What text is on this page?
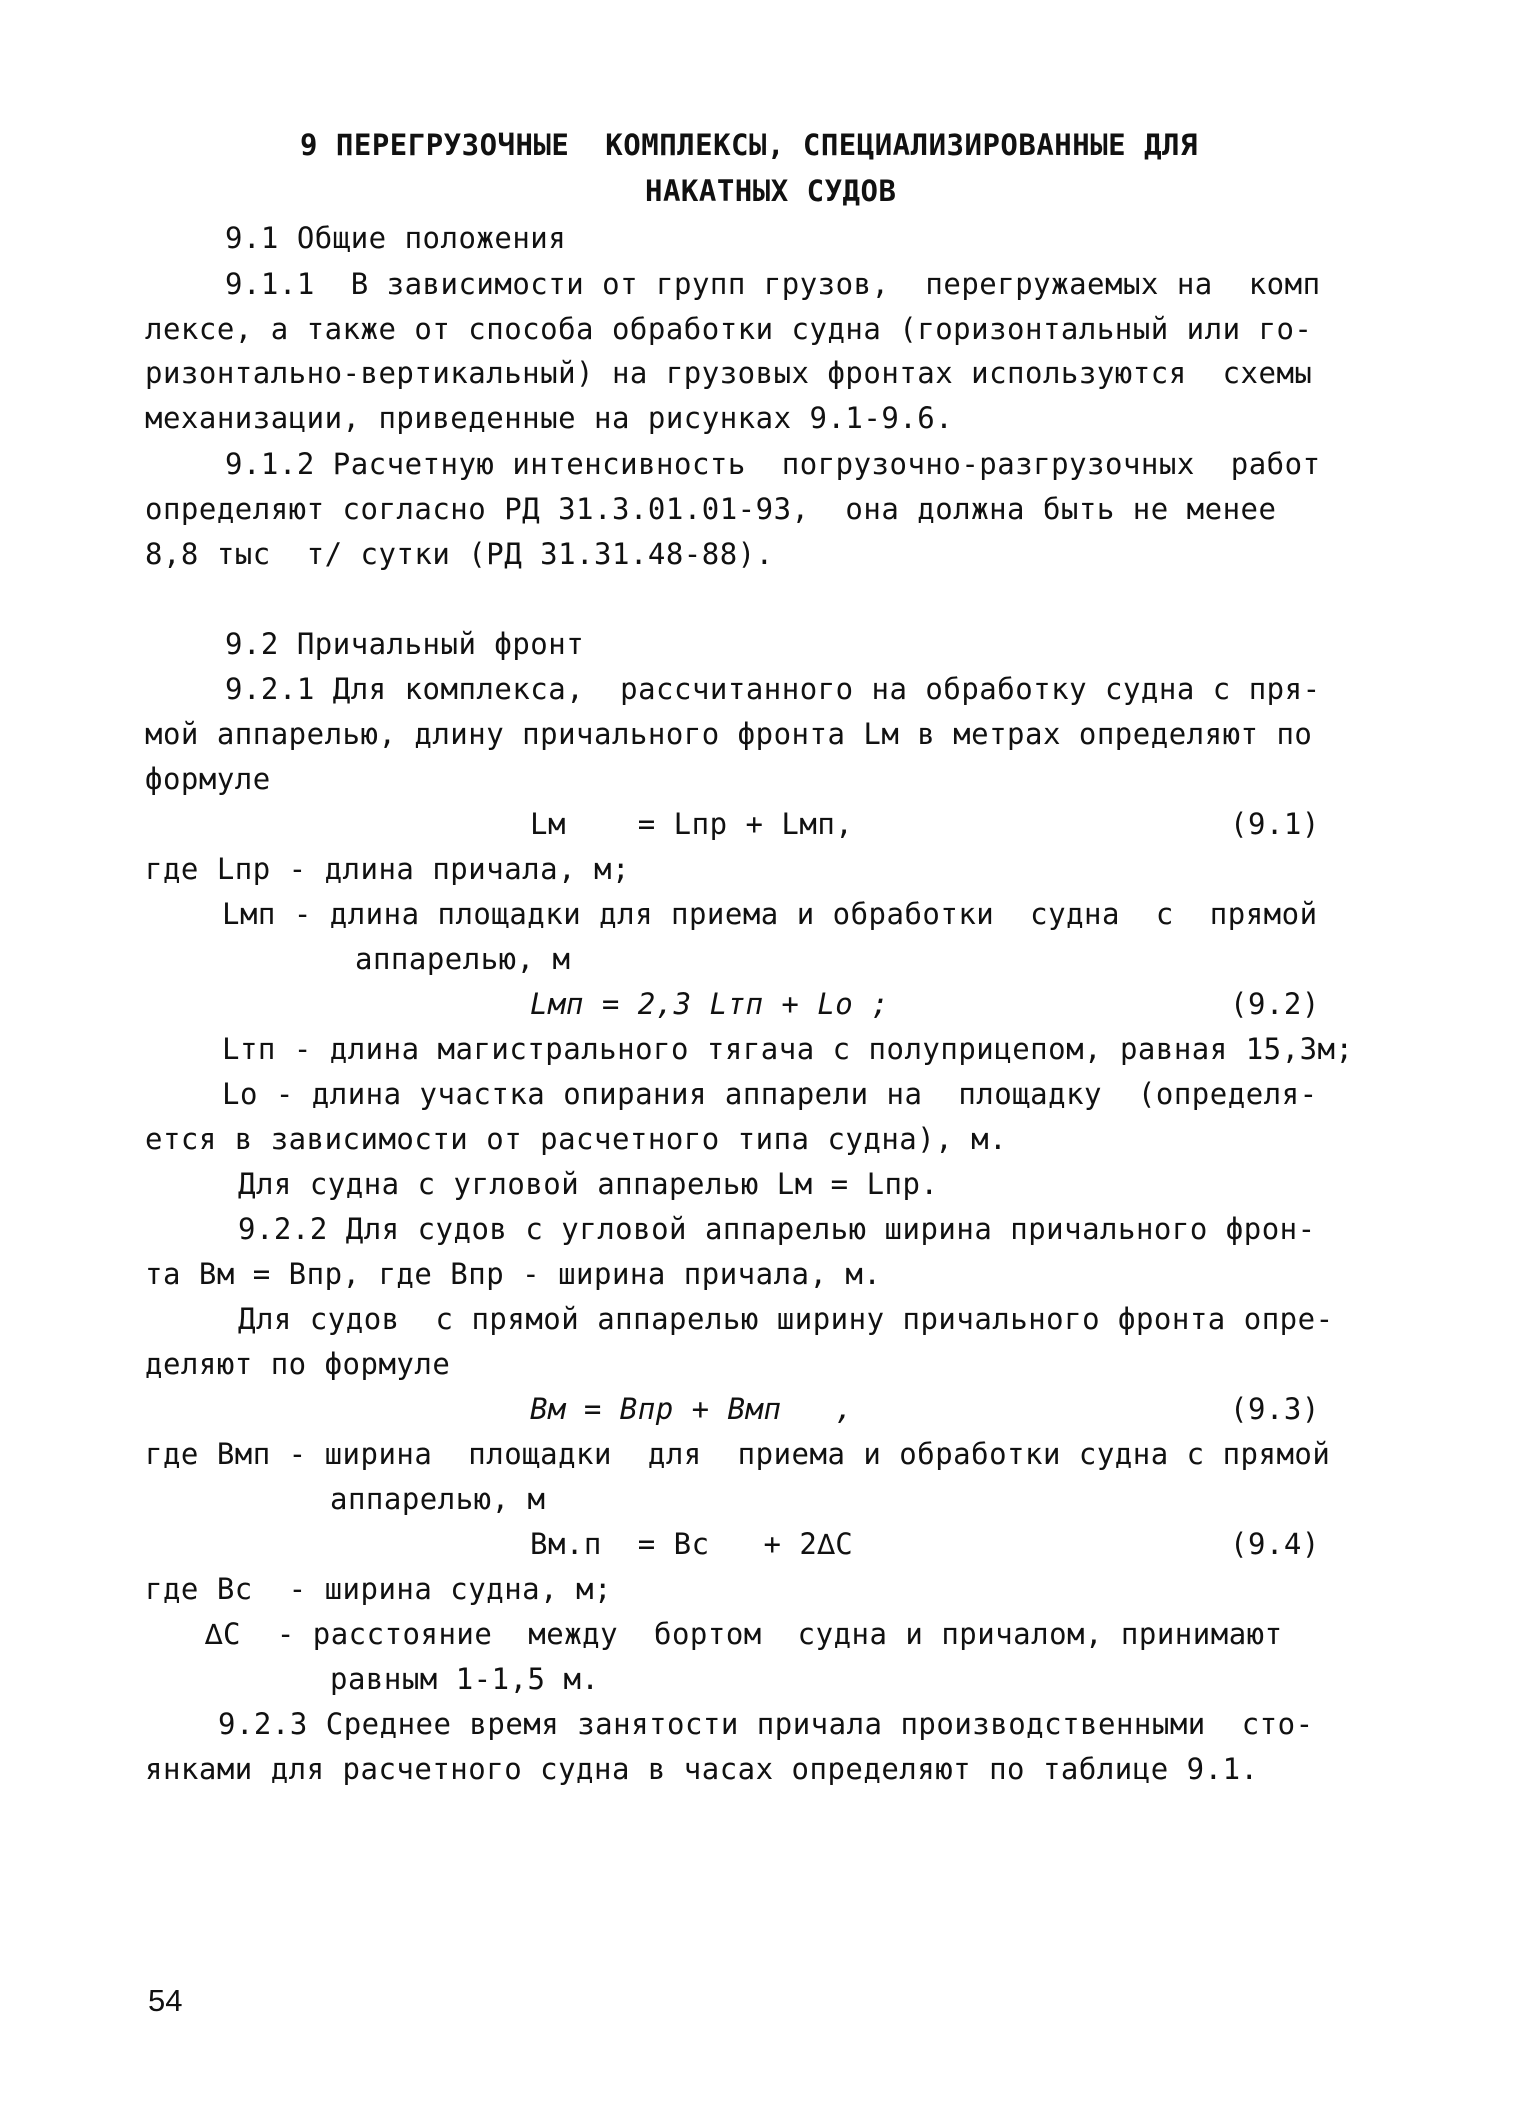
9 ПЕРЕГРУЗОЧНЫЕ  КОМПЛЕКСЫ, СПЕЦИАЛИЗИРОВАННЫЕ ДЛЯ
НАКАТНЫХ СУДОВ
9.1 Общие положения
9.1.1  В зависимости от групп грузов,  перегружаемых на  комп
лексе, а также от способа обработки судна (горизонтальный или го-
ризонтально-вертикальный) на грузовых фронтах используются  схемы
механизации, приведенные на рисунках 9.1-9.6.
9.1.2 Расчетную интенсивность  погрузочно-разгрузочных  работ
определяют согласно РД 31.3.01.01-93,  она должна быть не менее
8,8 тыс  т/ сутки (РД 31.31.48-88).
9.2 Причальный фронт
9.2.1 Для комплекса,  рассчитанного на обработку судна с пря-
мой аппарелью, длину причального фронта Lм в метрах определяют по
формуле
Lм    = Lпр + Lмп,	(9.1)
где Lпр - длина причала, м;
Lмп - длина площадки для приема и обработки  судна  с  прямой
аппарелью, м
Lмп = 2,3 Lтп + Lо ;	(9.2)
Lтп - длина магистрального тягача с полуприцепом, равная 15,3м;
Lо - длина участка опирания аппарели на  площадку  (определя-
ется в зависимости от расчетного типа судна), м.
Для судна с угловой аппарелью Lм = Lпр.
9.2.2 Для судов с угловой аппарелью ширина причального фрон-
та Bм = Bпр, где Bпр - ширина причала, м.
Для судов  с прямой аппарелью ширину причального фронта опре-
деляют по формуле
Bм = Bпр + Bмп   ,	(9.3)
где Bмп - ширина  площадки  для  приема и обработки судна с прямой
аппарелью, м
Bм.п  = Bс   + 2∆С	(9.4)
где Bс  - ширина судна, м;
∆С  - расстояние  между  бортом  судна и причалом, принимают
равным 1-1,5 м.
9.2.3 Среднее время занятости причала производственными  сто-
янками для расчетного судна в часах определяют по таблице 9.1.
54
